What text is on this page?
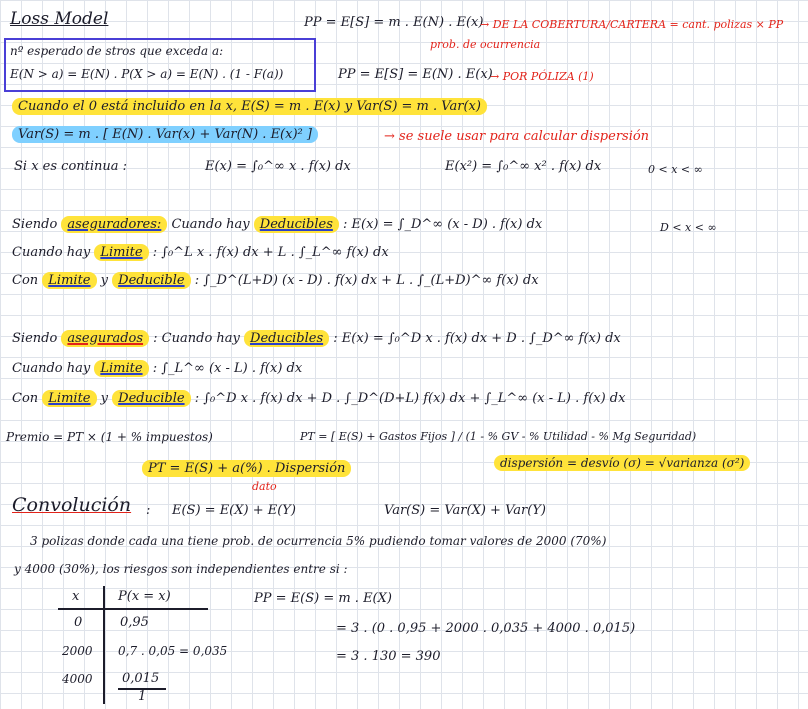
Loss Model	PP = E[S] = m . E(N) . E(x)
→ DE LA COBERTURA/CARTERA = cant. polizas × PP
prob. de ocurrencia
nº esperado de stros que exceda a:
E(N > a) = E(N) . P(X > a) = E(N) . (1 - F(a))	PP = E[S] = E(N) . E(x)
→ POR PÓLIZA (1)
Cuando el 0 está incluido en la x, E(S) = m . E(x) y Var(S) = m . Var(x)
Var(S) = m . [ E(N) . Var(x) + Var(N) . E(x)² ]	→ se suele usar para calcular dispersión
Si x es continua :	E(x) = ∫₀^∞ x . f(x) dx	E(x²) = ∫₀^∞ x² . f(x) dx	0 < x < ∞
Siendo aseguradores: Cuando hay Deducibles : E(x) = ∫_D^∞ (x - D) . f(x) dx	D < x < ∞
Cuando hay Limite : ∫₀^L x . f(x) dx + L . ∫_L^∞ f(x) dx
Con Limite y Deducible : ∫_D^(L+D) (x - D) . f(x) dx + L . ∫_(L+D)^∞ f(x) dx
Siendo asegurados : Cuando hay Deducibles : E(x) = ∫₀^D x . f(x) dx + D . ∫_D^∞ f(x) dx
Cuando hay Limite : ∫_L^∞ (x - L) . f(x) dx
Con Limite y Deducible : ∫₀^D x . f(x) dx + D . ∫_D^(D+L) f(x) dx + ∫_L^∞ (x - L) . f(x) dx
Premio = PT × (1 + % impuestos)	PT = [ E(S) + Gastos Fijos ] / (1 - % GV - % Utilidad - % Mg Seguridad)
PT = E(S) + a(%) . Dispersión
dato
dispersión = desvío (σ) = √varianza (σ²)
Convolución : E(S) = E(X) + E(Y)	Var(S) = Var(X) + Var(Y)
3 polizas donde cada una tiene prob. de ocurrencia 5% pudiendo tomar valores de 2000 (70%)
y 4000 (30%), los riesgos son independientes entre si :
x	P(x = x)
0	0,95
2000 0,7 . 0,05 = 0,035
4000 0,015
1
PP = E(S) = m . E(X)
= 3 . (0 . 0,95 + 2000 . 0,035 + 4000 . 0,015)
= 3 . 130 = 390
